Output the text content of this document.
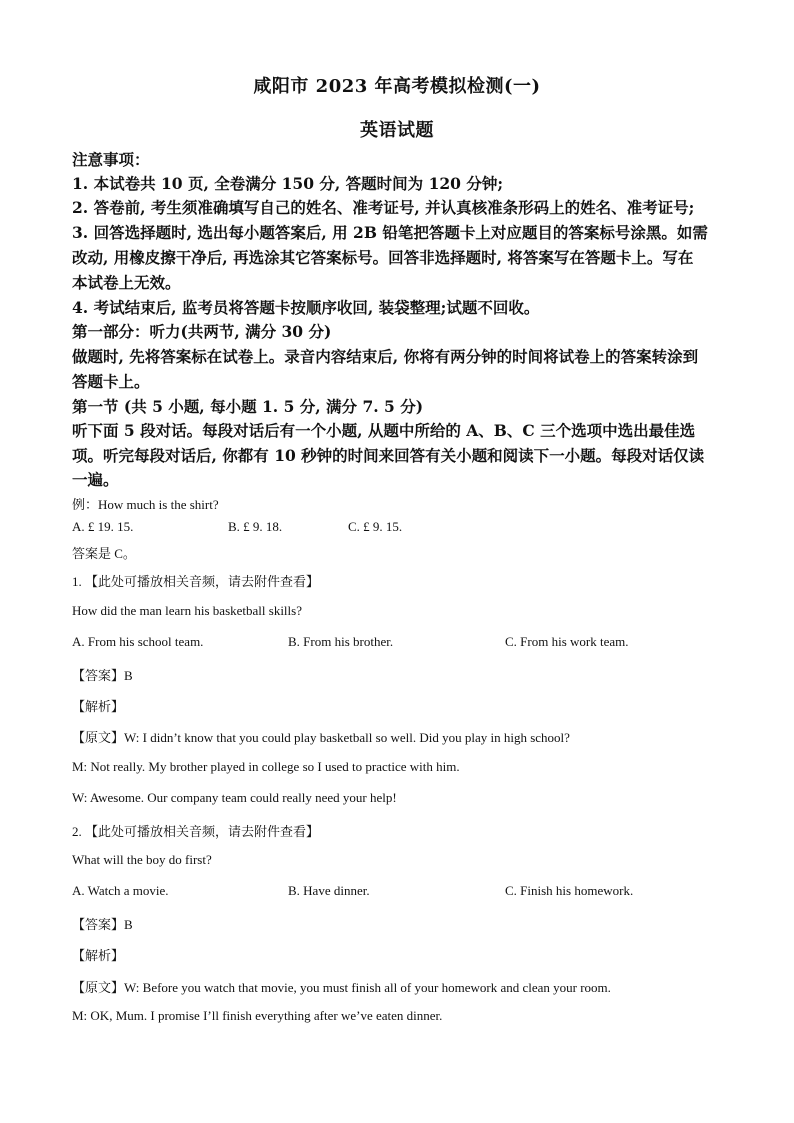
咸阳市 2023 年高考模拟检测(一)
英语试题
注意事项：
1. 本试卷共 10 页, 全卷满分 150 分, 答题时间为 120 分钟;
2. 答卷前, 考生须准确填写自己的姓名、准考证号, 并认真核准条形码上的姓名、准考证号;
3. 回答选择题时, 选出每小题答案后, 用 2B 铅笔把答题卡上对应题目的答案标号涂黑。如需
改动, 用橡皮擦干净后, 再选涂其它答案标号。回答非选择题时, 将答案写在答题卡上。写在
本试卷上无效。
4. 考试结束后, 监考员将答题卡按顺序收回, 装袋整理;试题不回收。
第一部分：听力(共两节, 满分 30 分)
做题时, 先将答案标在试卷上。录音内容结束后, 你将有两分钟的时间将试卷上的答案转涂到
答题卡上。
第一节 (共 5 小题, 每小题 1. 5 分, 满分 7. 5 分)
听下面 5 段对话。每段对话后有一个小题, 从题中所给的 A、B、C 三个选项中选出最佳选
项。听完每段对话后, 你都有 10 秒钟的时间来回答有关小题和阅读下一小题。每段对话仅读
一遍。
例：How much is the shirt?
A. £ 19. 15.	B. £ 9. 18.	C. £ 9. 15.
答案是 C。
1. 【此处可播放相关音频，请去附件查看】
How did the man learn his basketball skills?
A. From his school team.	B. From his brother.	C. From his work team.
【答案】B
【解析】
【原文】W: I didn’t know that you could play basketball so well. Did you play in high school?
M: Not really. My brother played in college so I used to practice with him.
W: Awesome. Our company team could really need your help!
2. 【此处可播放相关音频，请去附件查看】
What will the boy do first?
A. Watch a movie.	B. Have dinner.	C. Finish his homework.
【答案】B
【解析】
【原文】W: Before you watch that movie, you must finish all of your homework and clean your room.
M: OK, Mum. I promise I’ll finish everything after we’ve eaten dinner.
